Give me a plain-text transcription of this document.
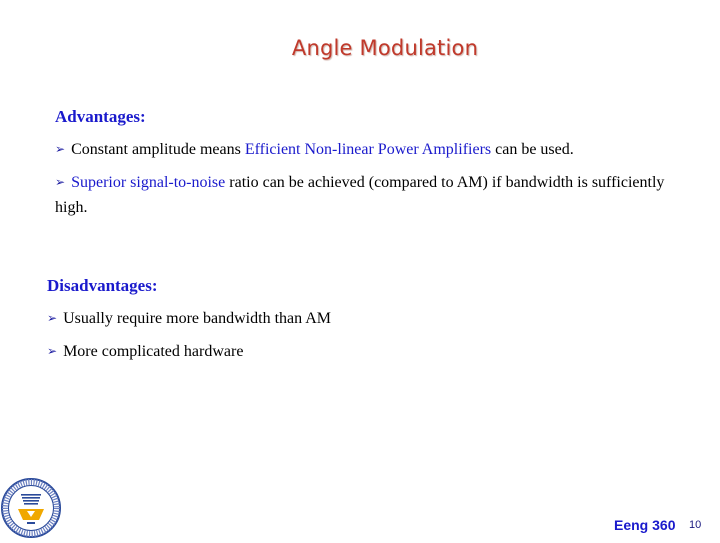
Angle Modulation
Advantages:
➢ Constant amplitude means Efficient Non-linear Power Amplifiers can be used.
➢ Superior signal-to-noise ratio can be achieved (compared to AM) if bandwidth is sufficiently high.
Disadvantages:
➢ Usually require more bandwidth than AM
➢ More complicated hardware
Eeng 360 10
